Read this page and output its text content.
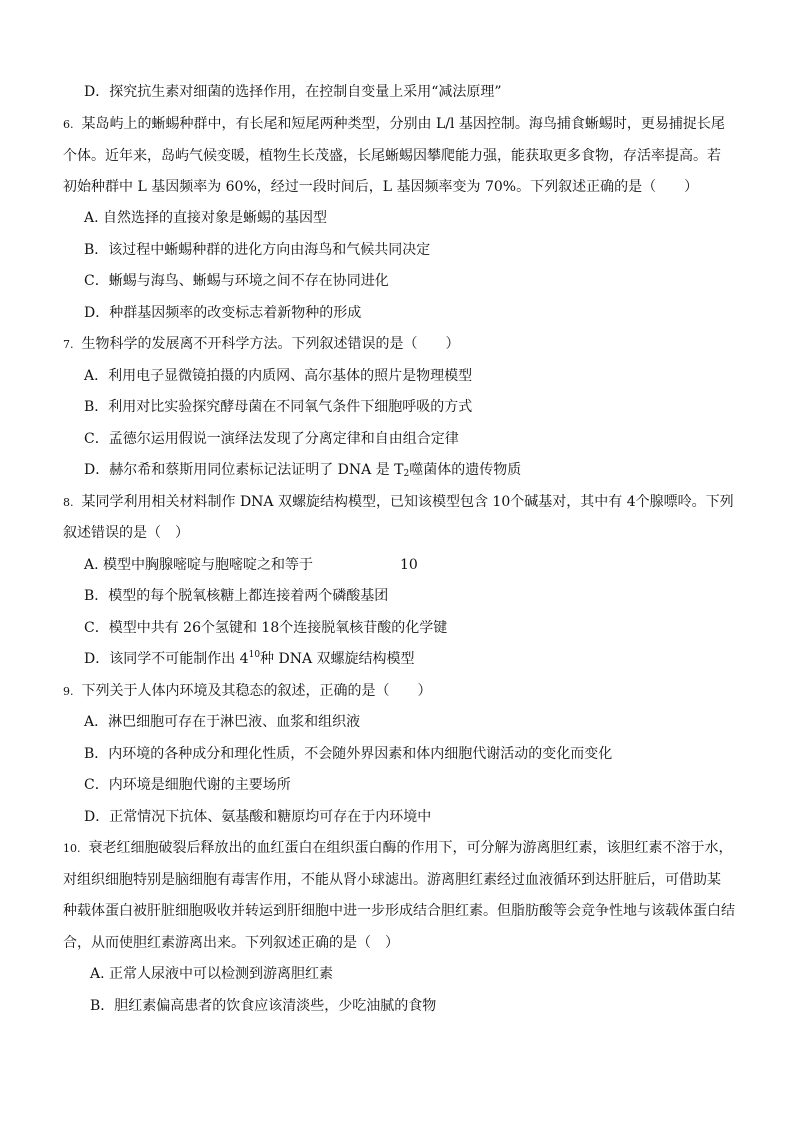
D．探究抗生素对细菌的选择作用，在控制自变量上采用“减法原理”
6. 某岛屿上的蜥蜴种群中，有长尾和短尾两种类型，分别由 L/l 基因控制。海鸟捕食蜥蜴时，更易捕捉长尾
个体。近年来，岛屿气候变暖，植物生长茂盛，长尾蜥蜴因攀爬能力强，能获取更多食物，存活率提高。若
初始种群中 L 基因频率为 60%，经过一段时间后，L 基因频率变为 70%。下列叙述正确的是（　　）
A. 自然选择的直接对象是蜥蜴的基因型
B．该过程中蜥蜴种群的进化方向由海鸟和气候共同决定
C．蜥蜴与海鸟、蜥蜴与环境之间不存在协同进化
D．种群基因频率的改变标志着新物种的形成
7. 生物科学的发展离不开科学方法。下列叙述错误的是（　　）
A．利用电子显微镜拍摄的内质网、高尔基体的照片是物理模型
B．利用对比实验探究酵母菌在不同氧气条件下细胞呼吸的方式
C．孟德尔运用假说一演绎法发现了分离定律和自由组合定律
D．赫尔希和蔡斯用同位素标记法证明了 DNA 是 $T_2$噬菌体的遗传物质
8. 某同学利用相关材料制作 DNA 双螺旋结构模型，已知该模型包含 10个碱基对，其中有 4个腺嘌呤。下列
叙述错误的是（　）
A. 模型中胸腺嘧啶与胞嘧啶之和等于	10
B．模型的每个脱氧核糖上都连接着两个磷酸基团
C．模型中共有 26个氢键和 18个连接脱氧核苷酸的化学键
D．该同学不可能制作出 $4^{10}$种 DNA 双螺旋结构模型
9. 下列关于人体内环境及其稳态的叙述，正确的是（　　）
A．淋巴细胞可存在于淋巴液、血浆和组织液
B．内环境的各种成分和理化性质，不会随外界因素和体内细胞代谢活动的变化而变化
C．内环境是细胞代谢的主要场所
D．正常情况下抗体、氨基酸和糖原均可存在于内环境中
10. 衰老红细胞破裂后释放出的血红蛋白在组织蛋白酶的作用下，可分解为游离胆红素，该胆红素不溶于水，
对组织细胞特别是脑细胞有毒害作用，不能从肾小球滤出。游离胆红素经过血液循环到达肝脏后，可借助某
种载体蛋白被肝脏细胞吸收并转运到肝细胞中进一步形成结合胆红素。但脂肪酸等会竞争性地与该载体蛋白结
合，从而使胆红素游离出来。下列叙述正确的是（　）
A. 正常人尿液中可以检测到游离胆红素
B．胆红素偏高患者的饮食应该清淡些，少吃油腻的食物
